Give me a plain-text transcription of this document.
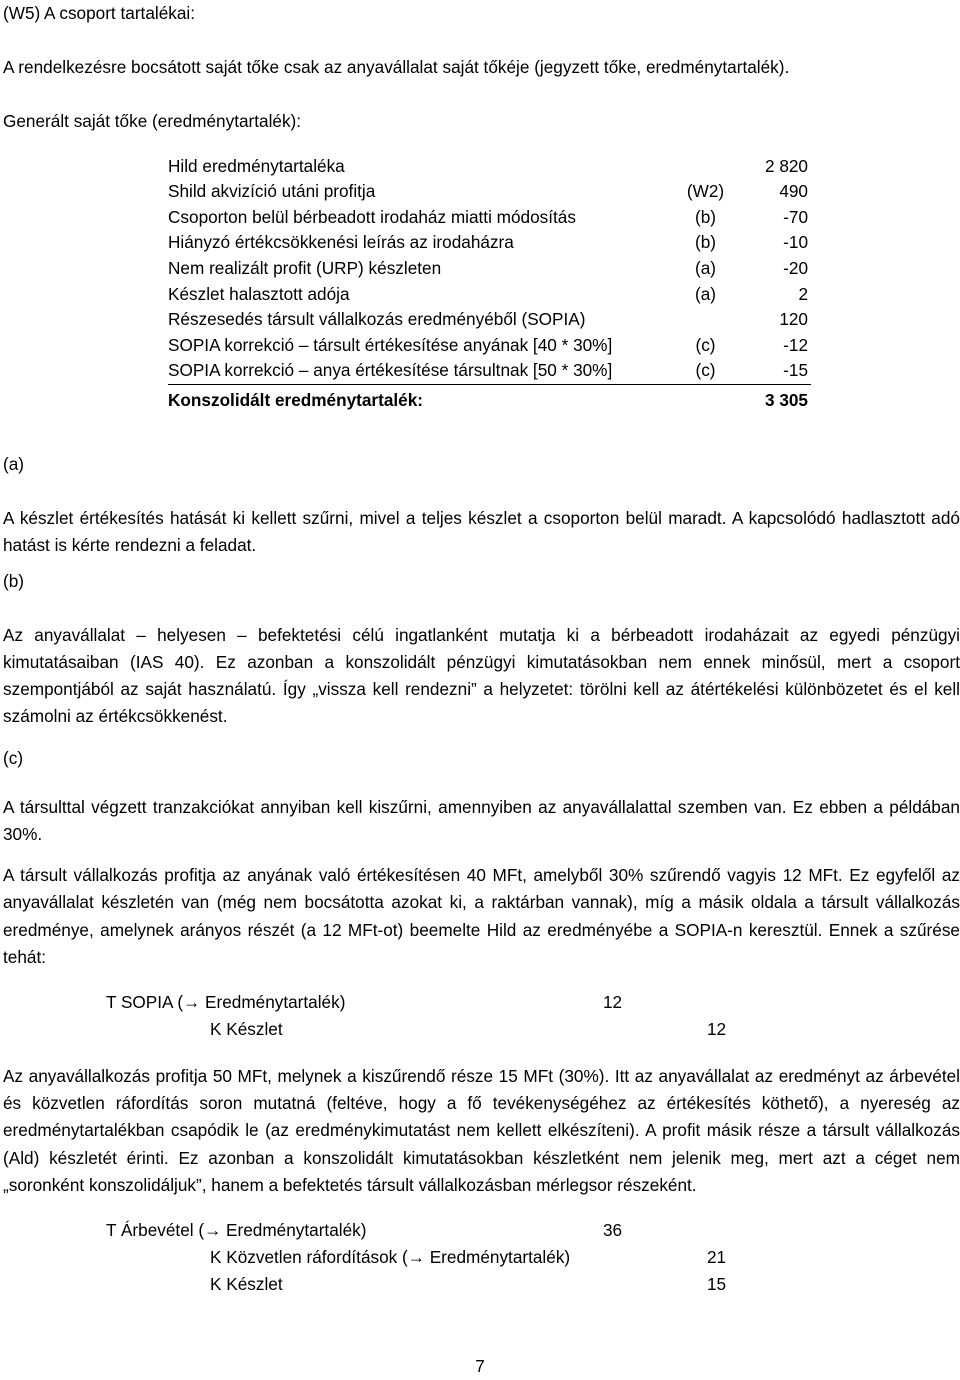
(W5) A csoport tartalékai:

A rendelkezésre bocsátott saját tőke csak az anyavállalat saját tőkéje (jegyzett tőke, eredménytartalék).

Generált saját tőke (eredménytartalék):

Hild eredménytartaléka		2 820
Shild akvizíció utáni profitja	(W2)	490
Csoporton belül bérbeadott irodaház miatti módosítás	(b)	-70
Hiányzó értékcsökkenési leírás az irodaházra	(b)	-10
Nem realizált profit (URP) készleten	(a)	-20
Készlet halasztott adója	(a)	2
Részesedés társult vállalkozás eredményéből (SOPIA)		120
SOPIA korrekció – társult értékesítése anyának [40 * 30%]	(c)	-12
SOPIA korrekció – anya értékesítése társultnak [50 * 30%]	(c)	-15
Konszolidált eredménytartalék:		3 305

(a)

A készlet értékesítés hatását ki kellett szűrni, mivel a teljes készlet a csoporton belül maradt. A kapcsolódó hadlasztott adó hatást is kérte rendezni a feladat.

(b)

Az anyavállalat – helyesen – befektetési célú ingatlanként mutatja ki a bérbeadott irodaházait az egyedi pénzügyi kimutatásaiban (IAS 40). Ez azonban a konszolidált pénzügyi kimutatásokban nem ennek minősül, mert a csoport szempontjából az saját használatú. Így „vissza kell rendezni” a helyzetet: törölni kell az átértékelési különbözetet és el kell számolni az értékcsökkenést.

(c)

A társulttal végzett tranzakciókat annyiban kell kiszűrni, amennyiben az anyavállalattal szemben van. Ez ebben a példában 30%.

A társult vállalkozás profitja az anyának való értékesítésen 40 MFt, amelyből 30% szűrendő vagyis 12 MFt. Ez egyfelől az anyavállalat készletén van (még nem bocsátotta azokat ki, a raktárban vannak), míg a másik oldala a társult vállalkozás eredménye, amelynek arányos részét (a 12 MFt-ot) beemelte Hild az eredményébe a SOPIA-n keresztül. Ennek a szűrése tehát:

T SOPIA (→ Eredménytartalék)	12
K Készlet	12

Az anyavállalkozás profitja 50 MFt, melynek a kiszűrendő része 15 MFt (30%). Itt az anyavállalat az eredményt az árbevétel és közvetlen ráfordítás soron mutatná (feltéve, hogy a fő tevékenységéhez az értékesítés köthető), a nyereség az eredménytartalékban csapódik le (az eredménykimutatást nem kellett elkészíteni). A profit másik része a társult vállalkozás (Ald) készletét érinti. Ez azonban a konszolidált kimutatásokban készletként nem jelenik meg, mert azt a céget nem „soronként konszolidáljuk”, hanem a befektetés társult vállalkozásban mérlegsor részeként.

T Árbevétel (→ Eredménytartalék)	36
K Közvetlen ráfordítások (→ Eredménytartalék)	21
K Készlet	15
7
